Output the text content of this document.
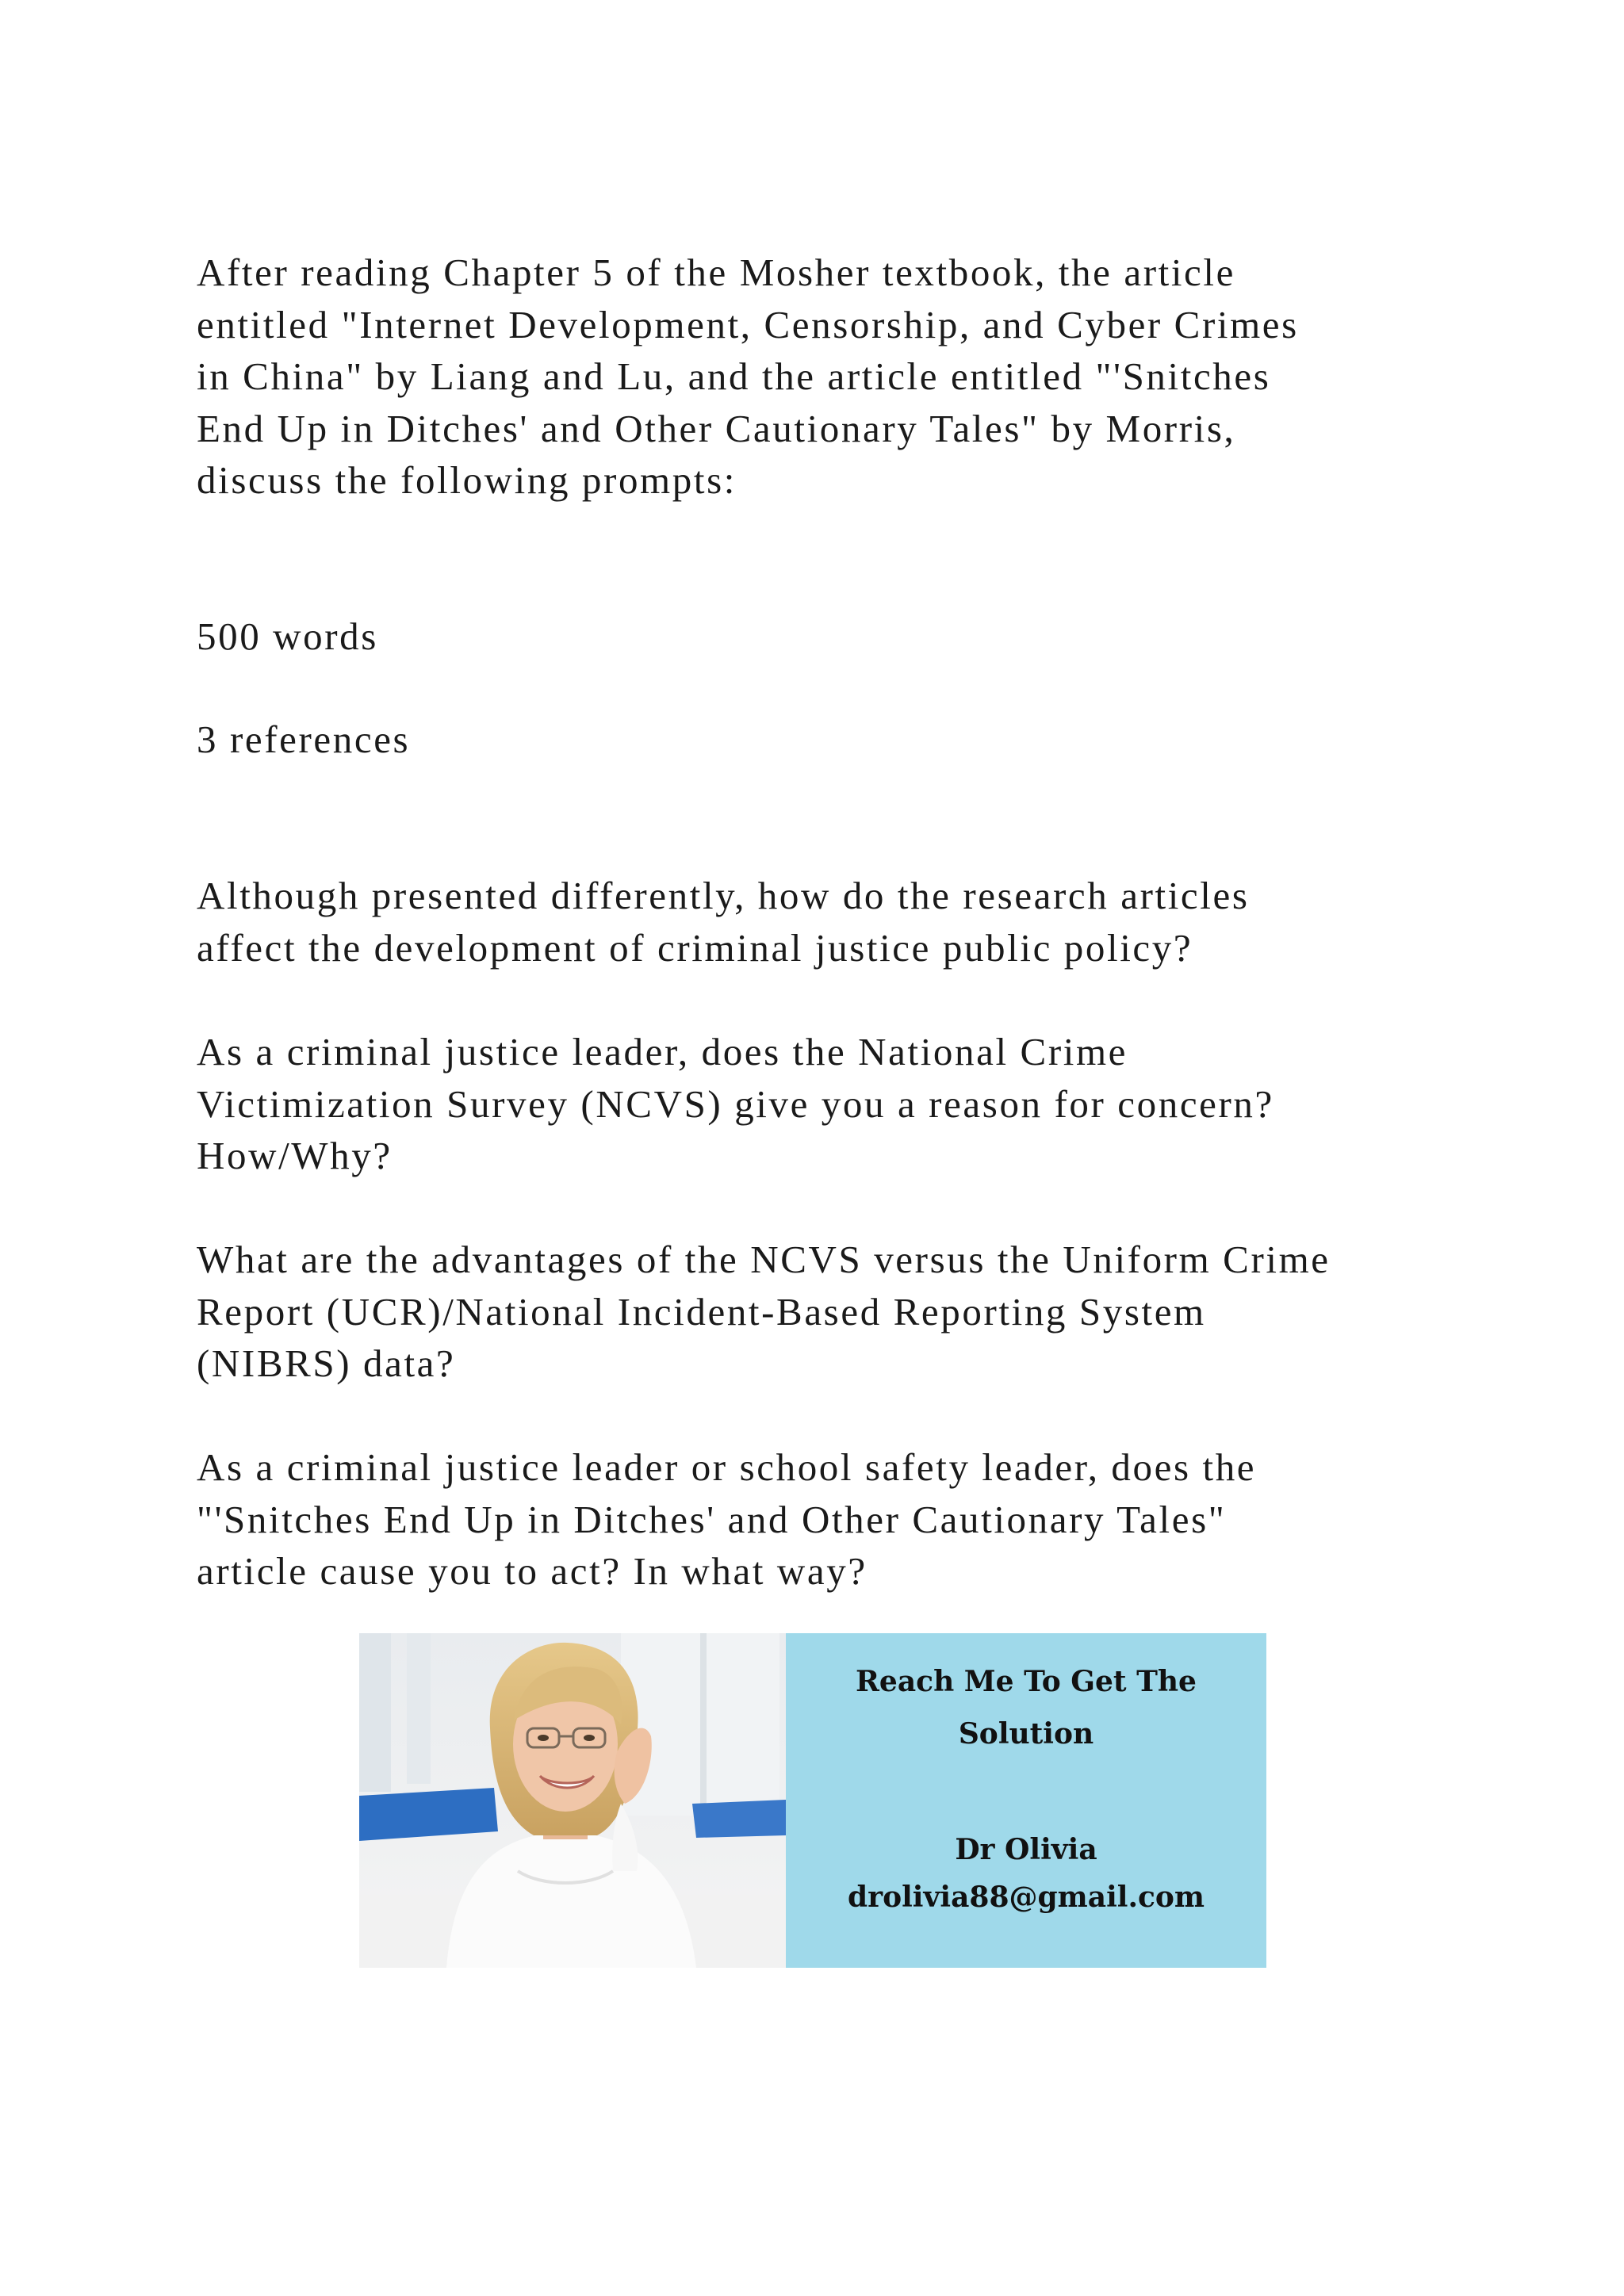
After reading Chapter 5 of the Mosher textbook, the article
entitled "Internet Development, Censorship, and Cyber Crimes
in China" by Liang and Lu, and the article entitled "'Snitches
End Up in Ditches' and Other Cautionary Tales" by Morris,
discuss the following prompts:

500 words

3 references

Although presented differently, how do the research articles
affect the development of criminal justice public policy?

As a criminal justice leader, does the National Crime
Victimization Survey (NCVS) give you a reason for concern?
How/Why?

What are the advantages of the NCVS versus the Uniform Crime
Report (UCR)/National Incident-Based Reporting System
(NIBRS) data?

As a criminal justice leader or school safety leader, does the
"'Snitches End Up in Ditches' and Other Cautionary Tales"
article cause you to act? In what way?

Reach Me To Get The
Solution
Dr Olivia
drolivia88@gmail.com
